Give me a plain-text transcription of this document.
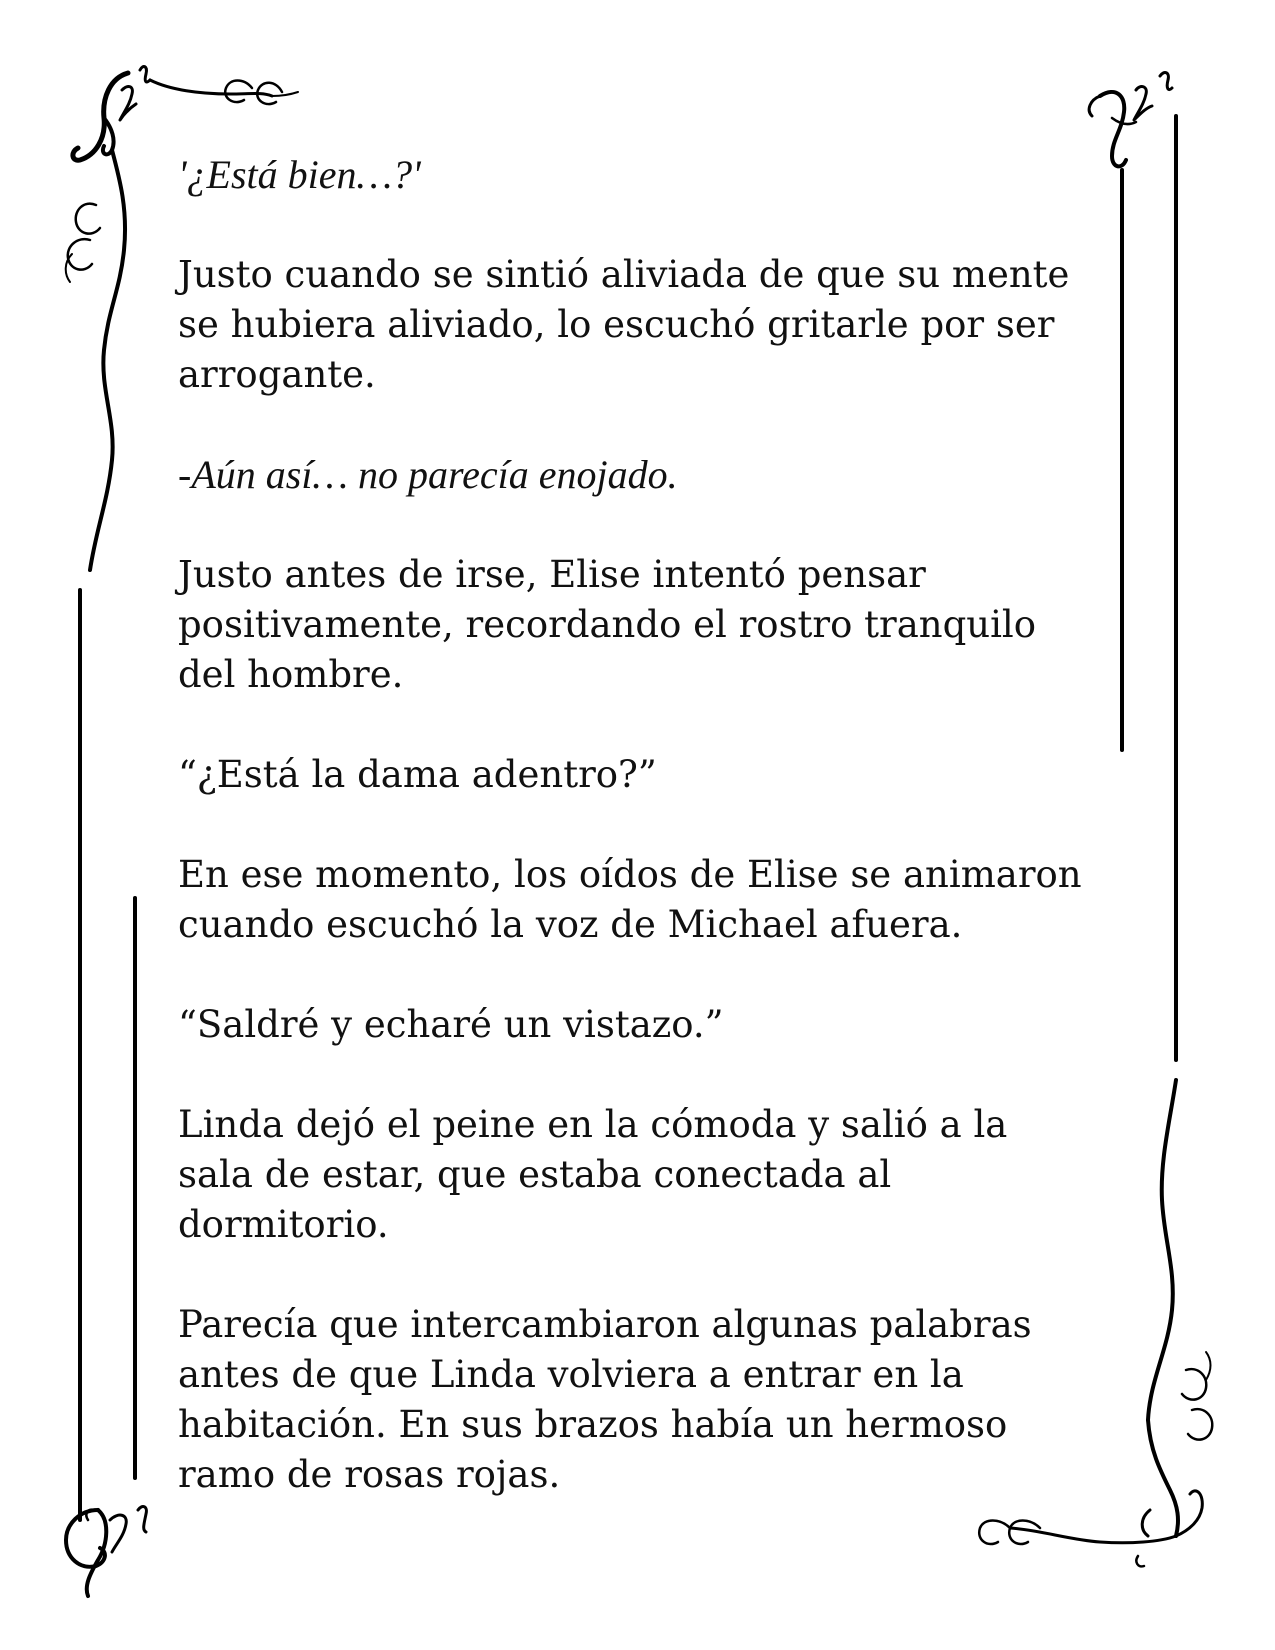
'¿Está bien…?'

Justo cuando se sintió aliviada de que su mente
se hubiera aliviado, lo escuchó gritarle por ser
arrogante.

-Aún así… no parecía enojado.

Justo antes de irse, Elise intentó pensar
positivamente, recordando el rostro tranquilo
del hombre.

“¿Está la dama adentro?”

En ese momento, los oídos de Elise se animaron
cuando escuchó la voz de Michael afuera.

“Saldré y echaré un vistazo.”

Linda dejó el peine en la cómoda y salió a la
sala de estar, que estaba conectada al
dormitorio.

Parecía que intercambiaron algunas palabras
antes de que Linda volviera a entrar en la
habitación. En sus brazos había un hermoso
ramo de rosas rojas.
